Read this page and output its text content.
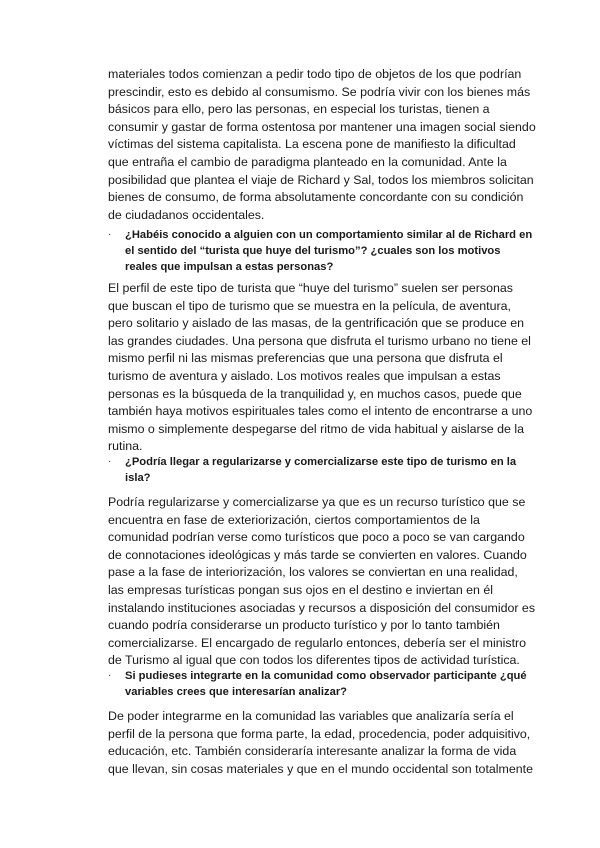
materiales todos comienzan a pedir todo tipo de objetos de los que podrían

prescindir, esto es debido al consumismo. Se podría vivir con los bienes más

básicos para ello, pero las personas, en especial los turistas, tienen a

consumir y gastar de forma ostentosa por mantener una imagen social siendo

víctimas del sistema capitalista. La escena pone de manifiesto la dificultad

que entraña el cambio de paradigma planteado en la comunidad. Ante la

posibilidad que plantea el viaje de Richard y Sal, todos los miembros solicitan

bienes de consumo, de forma absolutamente concordante con su condición

de ciudadanos occidentales.

·	¿Habéis conocido a alguien con un comportamiento similar al de Richard en

el sentido del “turista que huye del turismo”? ¿cuales son los motivos

reales que impulsan a estas personas?

El perfil de este tipo de turista que “huye del turismo” suelen ser personas

que buscan el tipo de turismo que se muestra en la película, de aventura,

pero solitario y aislado de las masas, de la gentrificación que se produce en

las grandes ciudades. Una persona que disfruta el turismo urbano no tiene el

mismo perfil ni las mismas preferencias que una persona que disfruta el

turismo de aventura y aislado. Los motivos reales que impulsan a estas

personas es la búsqueda de la tranquilidad y, en muchos casos, puede que

también haya motivos espirituales tales como el intento de encontrarse a uno

mismo o simplemente despegarse del ritmo de vida habitual y aislarse de la

rutina.

·	¿Podría llegar a regularizarse y comercializarse este tipo de turismo en la

isla?

Podría regularizarse y comercializarse ya que es un recurso turístico que se

encuentra en fase de exteriorización, ciertos comportamientos de la

comunidad podrían verse como turísticos que poco a poco se van cargando

de connotaciones ideológicas y más tarde se convierten en valores. Cuando

pase a la fase de interiorización, los valores se conviertan en una realidad,

las empresas turísticas pongan sus ojos en el destino e inviertan en él

instalando instituciones asociadas y recursos a disposición del consumidor es

cuando podría considerarse un producto turístico y por lo tanto también

comercializarse. El encargado de regularlo entonces, debería ser el ministro

de Turismo al igual que con todos los diferentes tipos de actividad turística.

·	Si pudieses integrarte en la comunidad como observador participante ¿qué

variables crees que interesarían analizar?

De poder integrarme en la comunidad las variables que analizaría sería el

perfil de la persona que forma parte, la edad, procedencia, poder adquisitivo,

educación, etc. También consideraría interesante analizar la forma de vida

que llevan, sin cosas materiales y que en el mundo occidental son totalmente
